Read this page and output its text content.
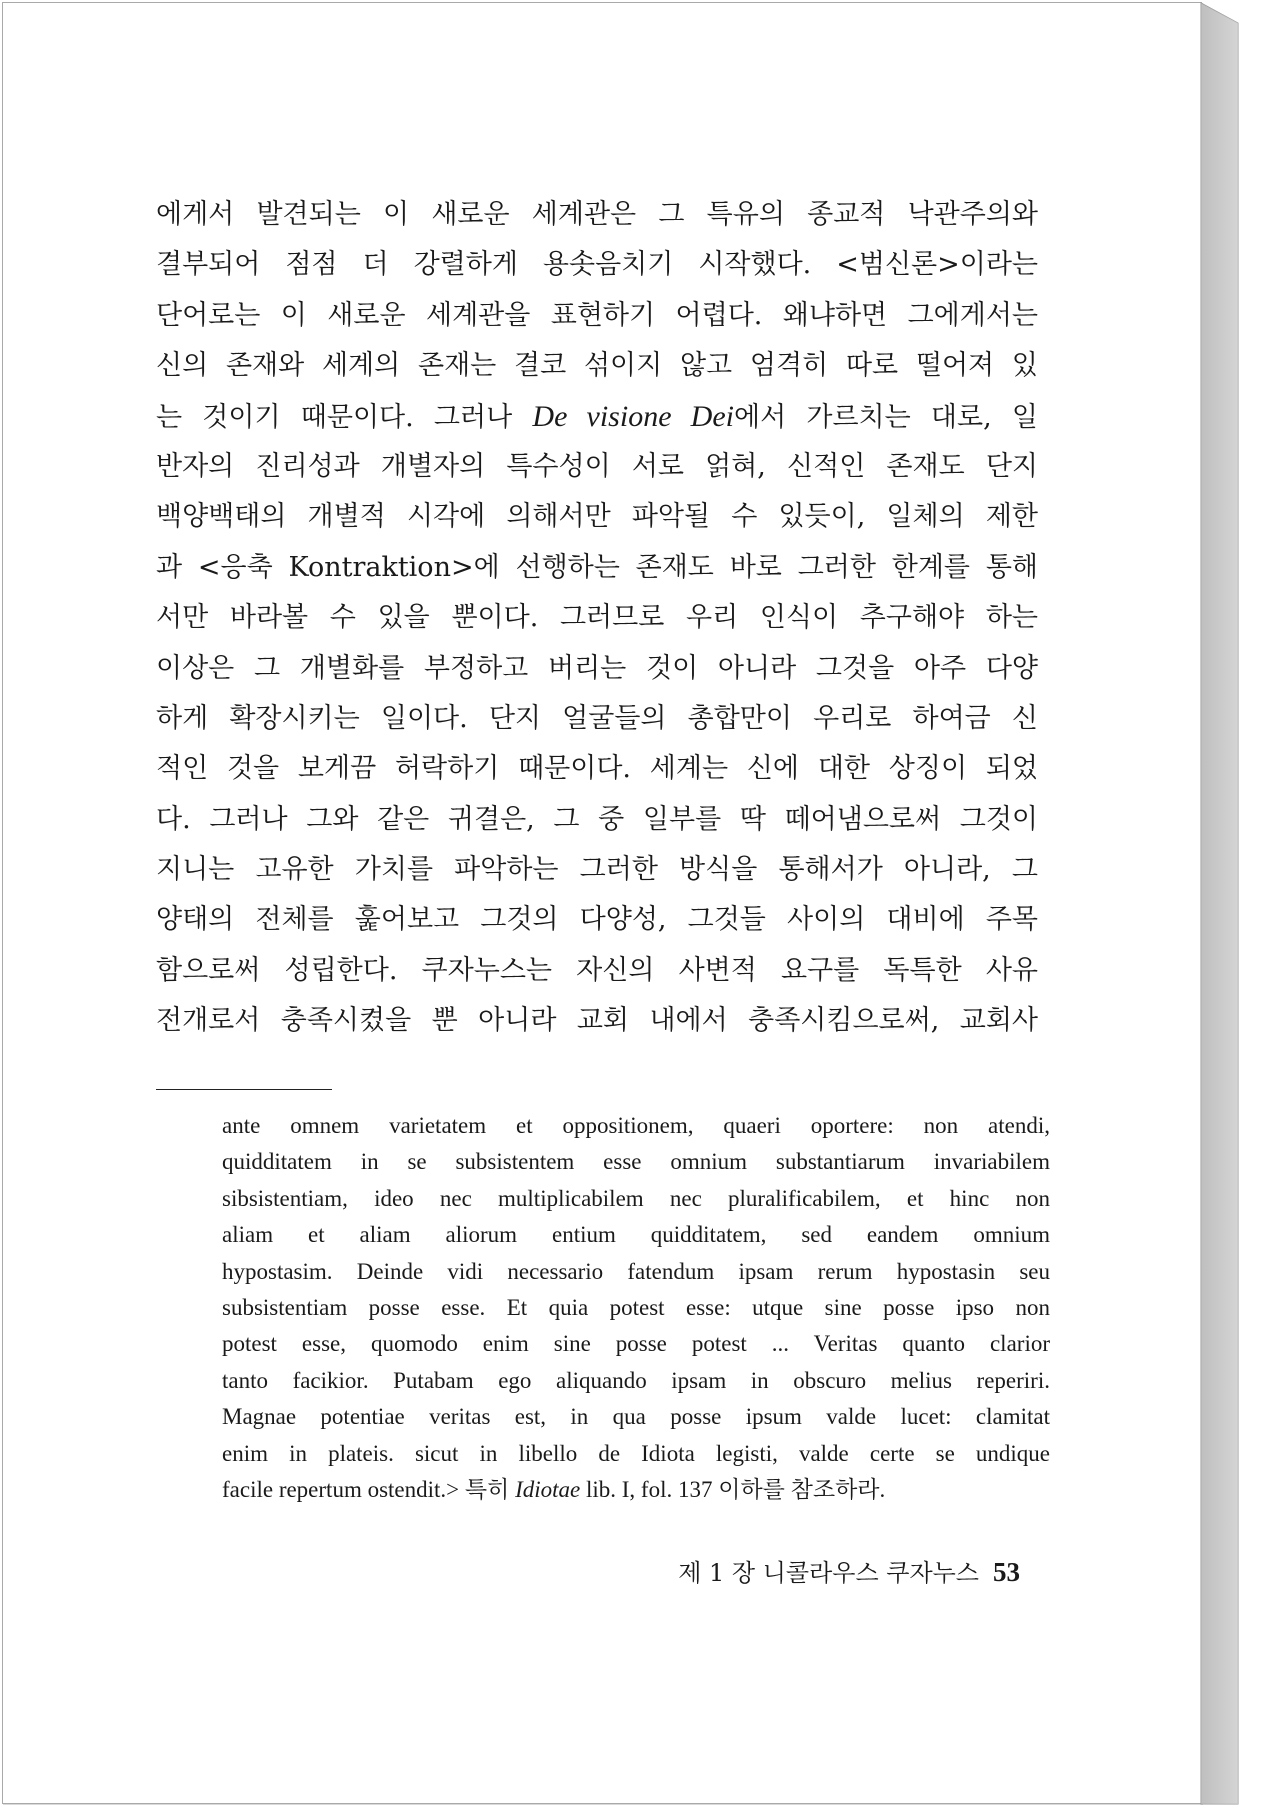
에게서 발견되는 이 새로운 세계관은 그 특유의 종교적 낙관주의와
결부되어 점점 더 강렬하게 용솟음치기 시작했다. <범신론>이라는
단어로는 이 새로운 세계관을 표현하기 어렵다. 왜냐하면 그에게서는
신의 존재와 세계의 존재는 결코 섞이지 않고 엄격히 따로 떨어져 있
는 것이기 때문이다. 그러나 De visione Dei에서 가르치는 대로, 일
반자의 진리성과 개별자의 특수성이 서로 얽혀, 신적인 존재도 단지
백양백태의 개별적 시각에 의해서만 파악될 수 있듯이, 일체의 제한
과 <응축 Kontraktion>에 선행하는 존재도 바로 그러한 한계를 통해
서만 바라볼 수 있을 뿐이다. 그러므로 우리 인식이 추구해야 하는
이상은 그 개별화를 부정하고 버리는 것이 아니라 그것을 아주 다양
하게 확장시키는 일이다. 단지 얼굴들의 총합만이 우리로 하여금 신
적인 것을 보게끔 허락하기 때문이다. 세계는 신에 대한 상징이 되었
다. 그러나 그와 같은 귀결은, 그 중 일부를 딱 떼어냄으로써 그것이
지니는 고유한 가치를 파악하는 그러한 방식을 통해서가 아니라, 그
양태의 전체를 훑어보고 그것의 다양성, 그것들 사이의 대비에 주목
함으로써 성립한다. 쿠자누스는 자신의 사변적 요구를 독특한 사유
전개로서 충족시켰을 뿐 아니라 교회 내에서 충족시킴으로써, 교회사
ante omnem varietatem et oppositionem, quaeri oportere: non atendi,
quidditatem in se subsistentem esse omnium substantiarum invariabilem
sibsistentiam, ideo nec multiplicabilem nec pluralificabilem, et hinc non
aliam et aliam aliorum entium quidditatem, sed eandem omnium
hypostasim. Deinde vidi necessario fatendum ipsam rerum hypostasin seu
subsistentiam posse esse. Et quia potest esse: utque sine posse ipso non
potest esse, quomodo enim sine posse potest ... Veritas quanto clarior
tanto facikior. Putabam ego aliquando ipsam in obscuro melius reperiri.
Magnae potentiae veritas est, in qua posse ipsum valde lucet: clamitat
enim in plateis. sicut in libello de Idiota legisti, valde certe se undique
facile repertum ostendit.> 특히 Idiotae lib. I, fol. 137 이하를 참조하라.
제 1 장 니콜라우스 쿠자누스 53
